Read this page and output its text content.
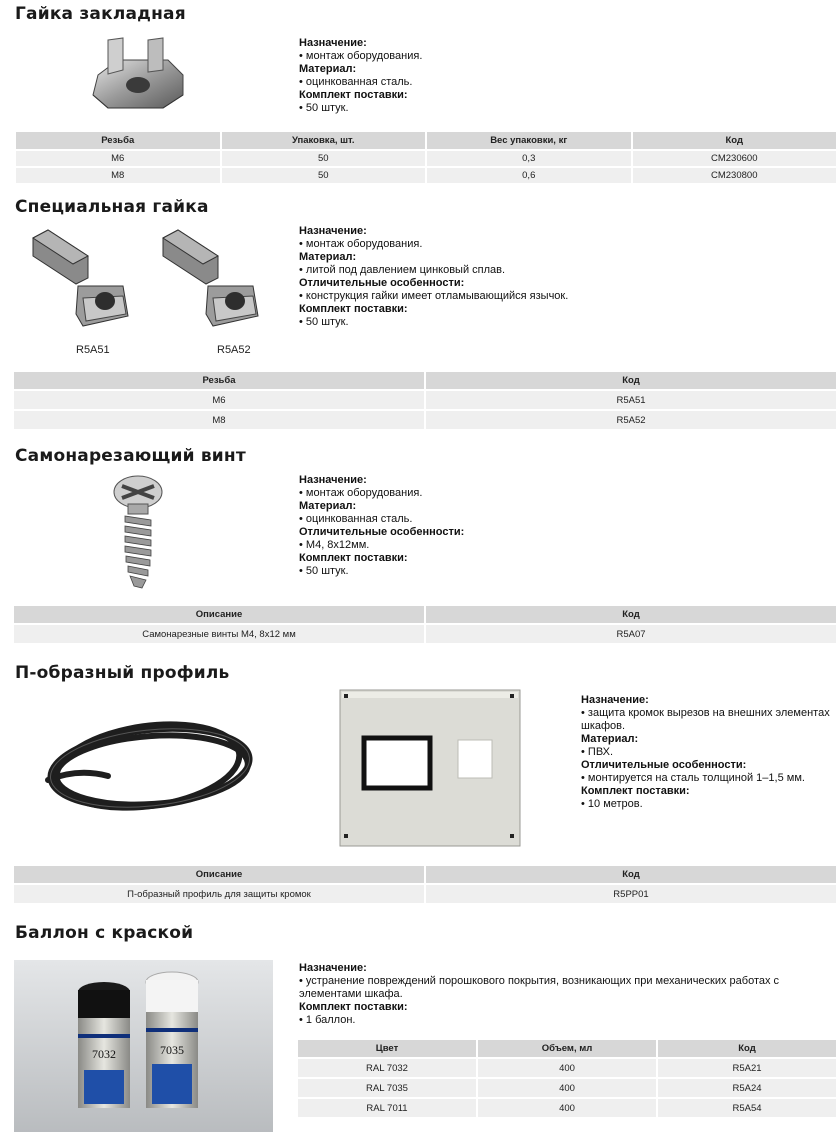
Гайка закладная
Назначение:
• монтаж оборудования.
Материал:
• оцинкованная сталь.
Комплект поставки:
• 50 штук.
Резьба	Упаковка, шт.	Вес упаковки, кг	Код
M6	50	0,3	CM230600
M8	50	0,6	CM230800
Специальная гайка
R5A51	R5A52
Назначение:
• монтаж оборудования.
Материал:
• литой под давлением цинковый сплав.
Отличительные особенности:
• конструкция гайки имеет отламывающийся язычок.
Комплект поставки:
• 50 штук.
Резьба	Код
M6	R5A51
M8	R5A52
Самонарезающий винт
Назначение:
• монтаж оборудования.
Материал:
• оцинкованная сталь.
Отличительные особенности:
• М4, 8х12мм.
Комплект поставки:
• 50 штук.
Описание	Код
Самонарезные винты М4, 8х12 мм	R5A07
П-образный профиль
Назначение:
• защита кромок вырезов на внешних элементах шкафов.
Материал:
• ПВХ.
Отличительные особенности:
• монтируется на сталь толщиной 1–1,5 мм.
Комплект поставки:
• 10 метров.
Описание	Код
П-образный профиль для защиты кромок	R5PP01
Баллон с краской
7032	7035
Назначение:
• устранение повреждений порошкового покрытия, возникающих при механических работах с элементами шкафа.
Комплект поставки:
• 1 баллон.
Цвет	Объем, мл	Код
RAL 7032	400	R5A21
RAL 7035	400	R5A24
RAL 7011	400	R5A54
